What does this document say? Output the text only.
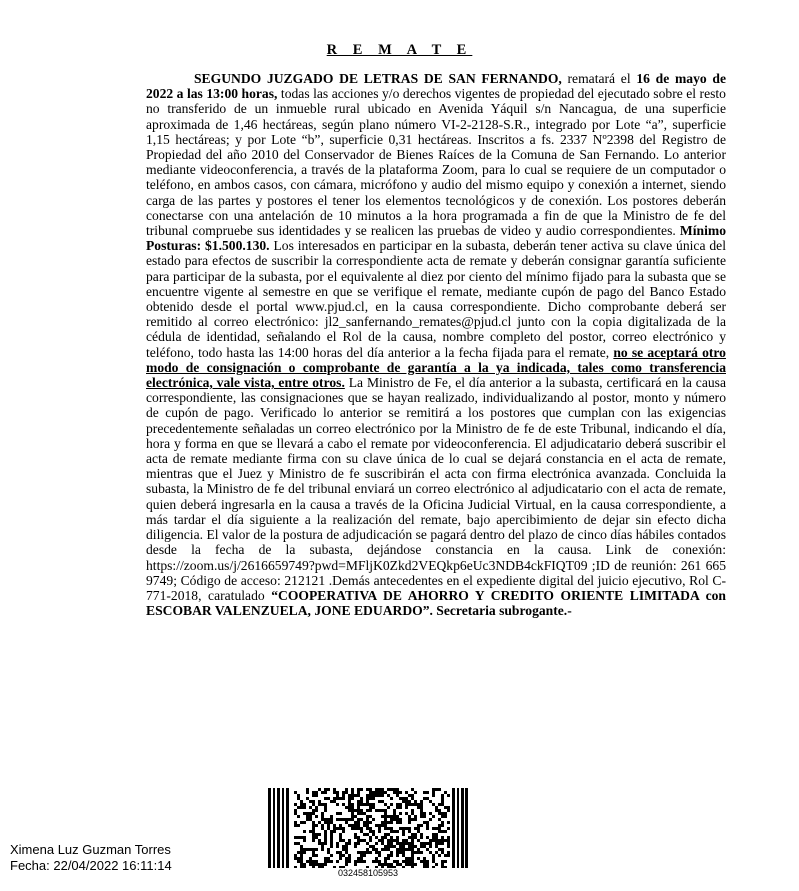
R E M A T E
SEGUNDO JUZGADO DE LETRAS DE SAN FERNANDO, rematará el 16 de mayo de 2022 a las 13:00 horas, todas las acciones y/o derechos vigentes de propiedad del ejecutado sobre el resto no transferido de un inmueble rural ubicado en Avenida Yáquil s/n Nancagua, de una superficie aproximada de 1,46 hectáreas, según plano número VI-2-2128-S.R., integrado por Lote “a”, superficie 1,15 hectáreas; y por Lote “b”, superficie 0,31 hectáreas. Inscritos a fs. 2337 Nº2398 del Registro de Propiedad del año 2010 del Conservador de Bienes Raíces de la Comuna de San Fernando. Lo anterior mediante videoconferencia, a través de la plataforma Zoom, para lo cual se requiere de un computador o teléfono, en ambos casos, con cámara, micrófono y audio del mismo equipo y conexión a internet, siendo carga de las partes y postores el tener los elementos tecnológicos y de conexión. Los postores deberán conectarse con una antelación de 10 minutos a la hora programada a fin de que la Ministro de fe del tribunal compruebe sus identidades y se realicen las pruebas de video y audio correspondientes. Mínimo Posturas: $1.500.130. Los interesados en participar en la subasta, deberán tener activa su clave única del estado para efectos de suscribir la correspondiente acta de remate y deberán consignar garantía suficiente para participar de la subasta, por el equivalente al diez por ciento del mínimo fijado para la subasta que se encuentre vigente al semestre en que se verifique el remate, mediante cupón de pago del Banco Estado obtenido desde el portal www.pjud.cl, en la causa correspondiente. Dicho comprobante deberá ser remitido al correo electrónico: jl2_sanfernando_remates@pjud.cl junto con la copia digitalizada de la cédula de identidad, señalando el Rol de la causa, nombre completo del postor, correo electrónico y teléfono, todo hasta las 14:00 horas del día anterior a la fecha fijada para el remate, no se aceptará otro modo de consignación o comprobante de garantía a la ya indicada, tales como transferencia electrónica, vale vista, entre otros. La Ministro de Fe, el día anterior a la subasta, certificará en la causa correspondiente, las consignaciones que se hayan realizado, individualizando al postor, monto y número de cupón de pago. Verificado lo anterior se remitirá a los postores que cumplan con las exigencias precedentemente señaladas un correo electrónico por la Ministro de fe de este Tribunal, indicando el día, hora y forma en que se llevará a cabo el remate por videoconferencia. El adjudicatario deberá suscribir el acta de remate mediante firma con su clave única de lo cual se dejará constancia en el acta de remate, mientras que el Juez y Ministro de fe suscribirán el acta con firma electrónica avanzada. Concluida la subasta, la Ministro de fe del tribunal enviará un correo electrónico al adjudicatario con el acta de remate, quien deberá ingresarla en la causa a través de la Oficina Judicial Virtual, en la causa correspondiente, a más tardar el día siguiente a la realización del remate, bajo apercibimiento de dejar sin efecto dicha diligencia. El valor de la postura de adjudicación se pagará dentro del plazo de cinco días hábiles contados desde la fecha de la subasta, dejándose constancia en la causa. Link de conexión: https://zoom.us/j/2616659749?pwd=MFljK0Zkd2VEQkp6eUc3NDB4ckFIQT09 ;ID de reunión: 261 665 9749; Código de acceso: 212121 .Demás antecedentes en el expediente digital del juicio ejecutivo, Rol C-771-2018, caratulado “COOPERATIVA DE AHORRO Y CREDITO ORIENTE LIMITADA con ESCOBAR VALENZUELA, JONE EDUARDO”. Secretaria subrogante.-
Ximena Luz Guzman Torres
Fecha: 22/04/2022 16:11:14	032458105953
